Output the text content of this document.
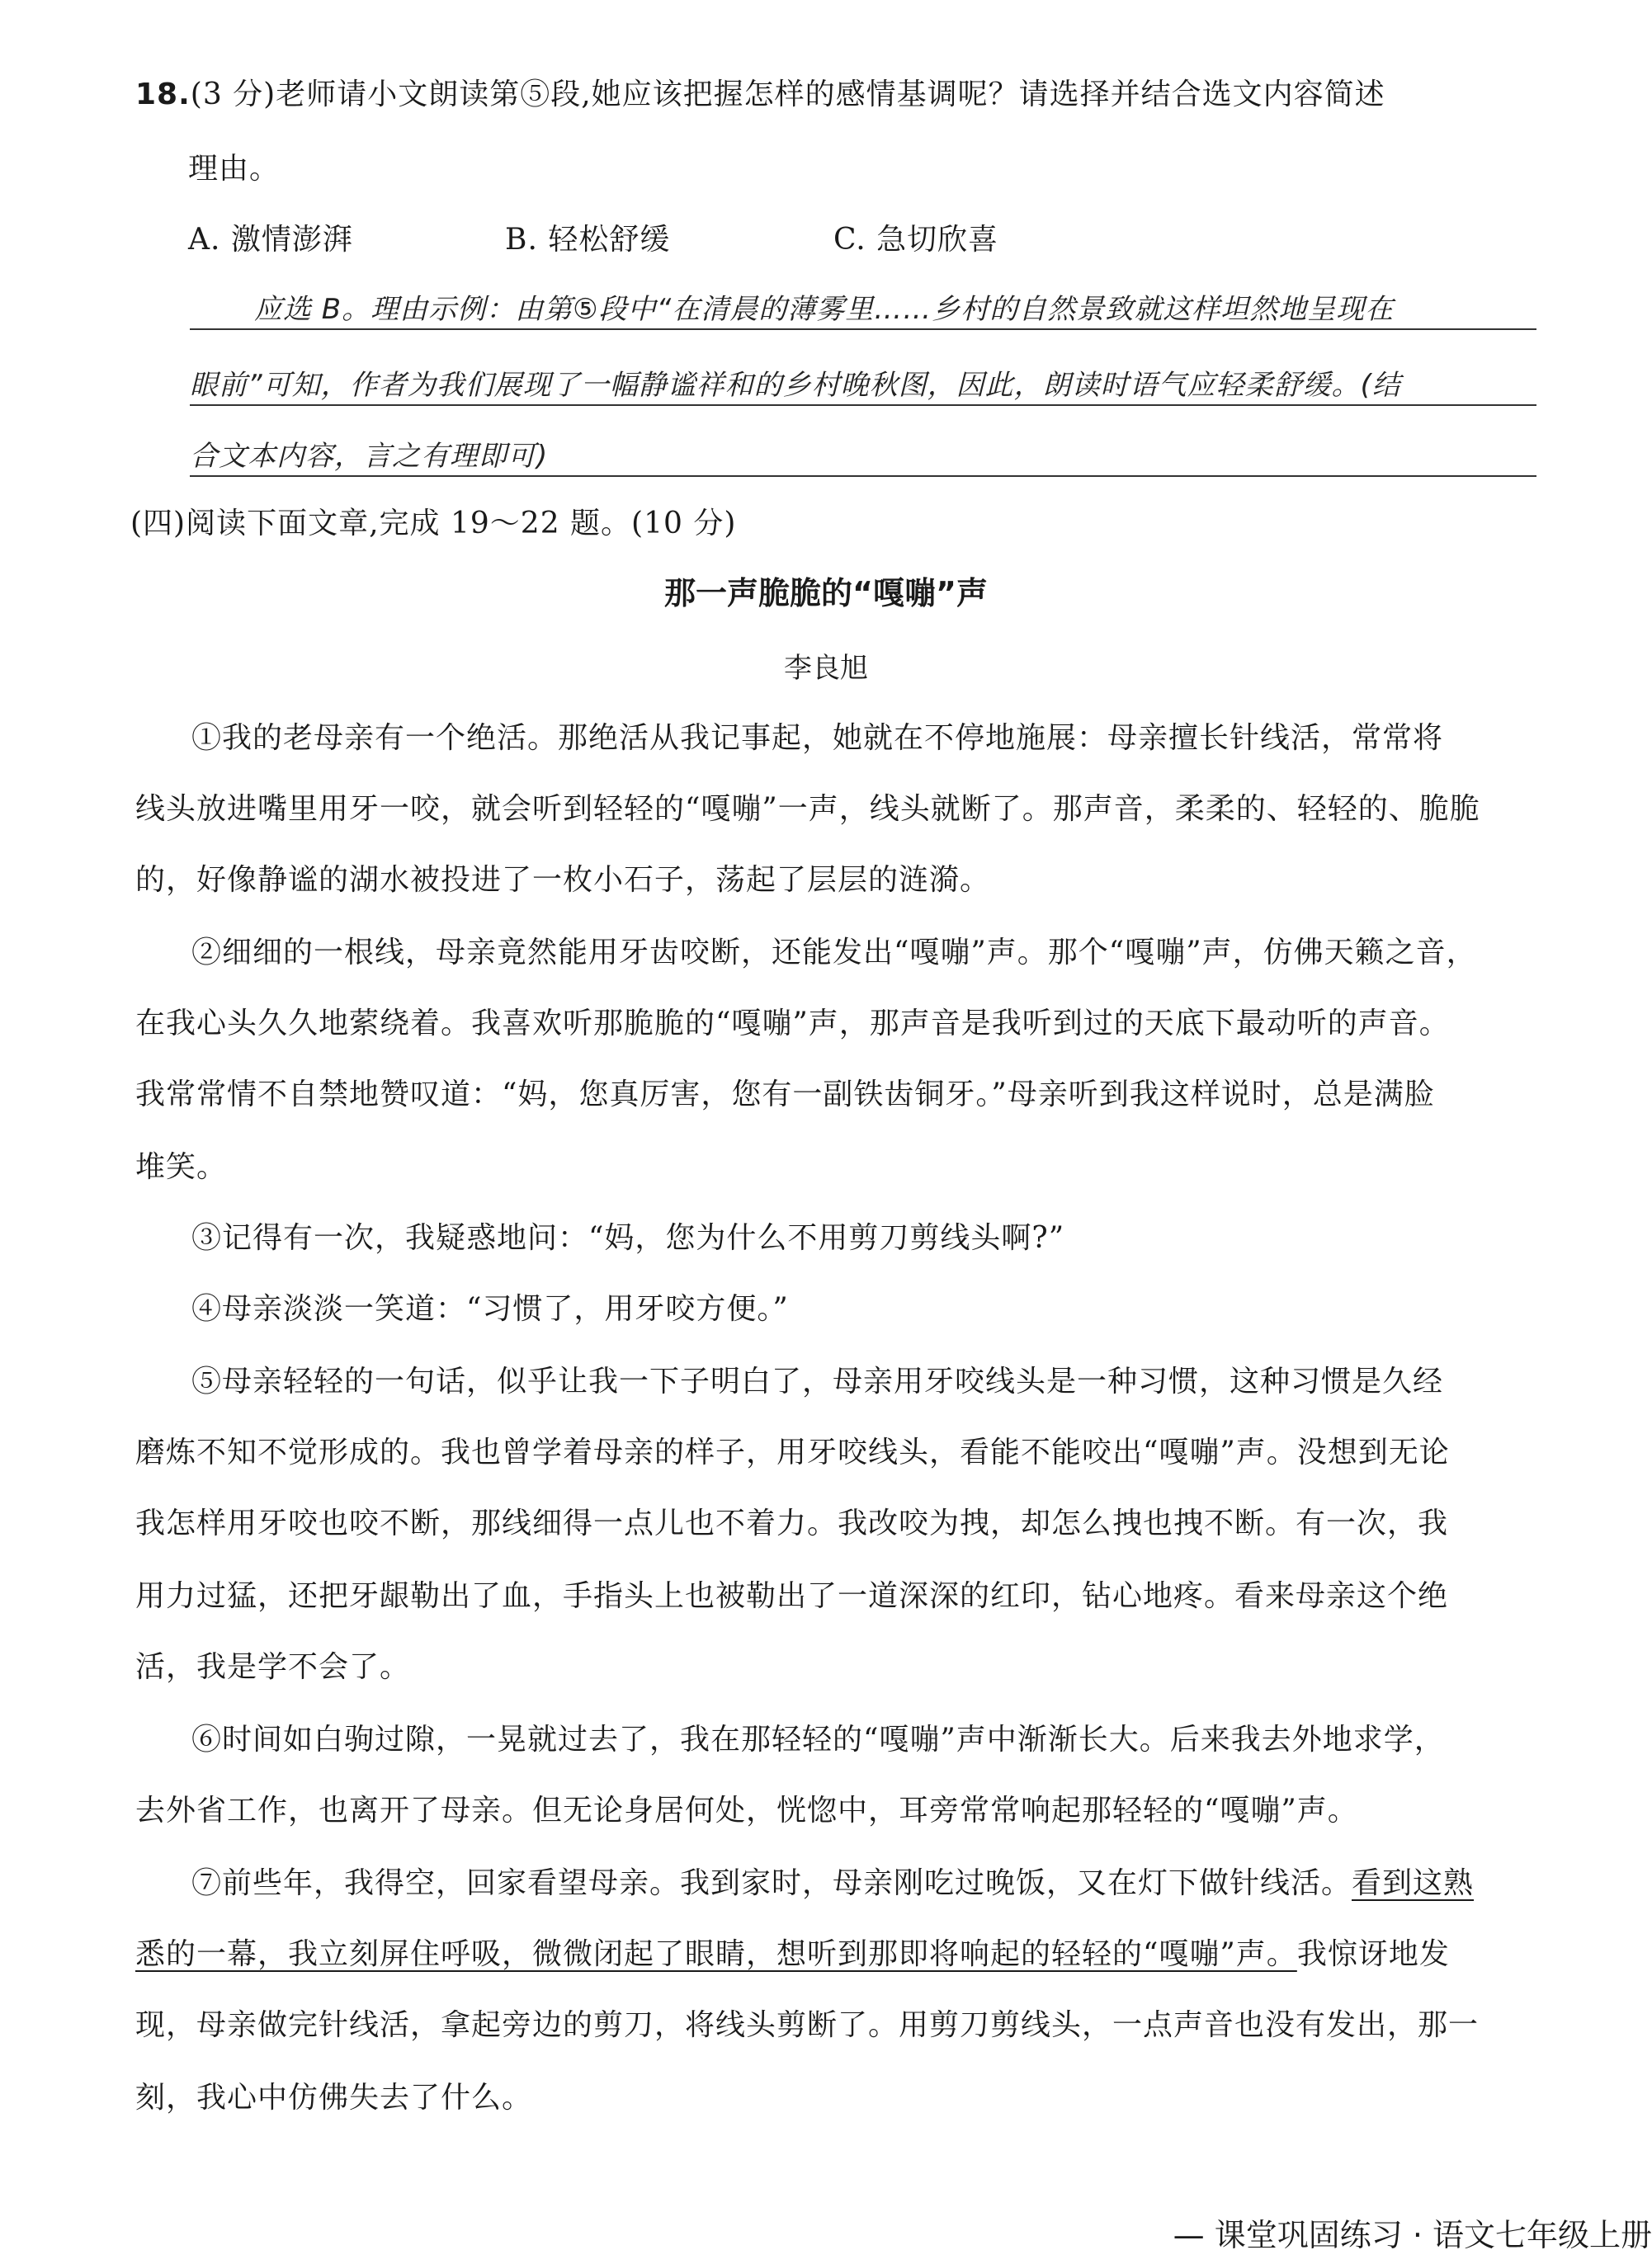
18.(3 分)老师请小文朗读第⑤段,她应该把握怎样的感情基调呢？请选择并结合选文内容简述
理由。
A. 激情澎湃	B. 轻松舒缓	C. 急切欣喜
应选 B。理由示例：由第⑤段中“在清晨的薄雾里……乡村的自然景致就这样坦然地呈现在
眼前”可知，作者为我们展现了一幅静谧祥和的乡村晚秋图，因此，朗读时语气应轻柔舒缓。(结
合文本内容，言之有理即可)
(四)阅读下面文章,完成 19～22 题。(10 分)
那一声脆脆的“嘎嘣”声
李良旭
①我的老母亲有一个绝活。那绝活从我记事起，她就在不停地施展：母亲擅长针线活，常常将
线头放进嘴里用牙一咬，就会听到轻轻的“嘎嘣”一声，线头就断了。那声音，柔柔的、轻轻的、脆脆
的，好像静谧的湖水被投进了一枚小石子，荡起了层层的涟漪。
②细细的一根线，母亲竟然能用牙齿咬断，还能发出“嘎嘣”声。那个“嘎嘣”声，仿佛天籁之音，
在我心头久久地萦绕着。我喜欢听那脆脆的“嘎嘣”声，那声音是我听到过的天底下最动听的声音。
我常常情不自禁地赞叹道：“妈，您真厉害，您有一副铁齿铜牙。”母亲听到我这样说时，总是满脸
堆笑。
③记得有一次，我疑惑地问：“妈，您为什么不用剪刀剪线头啊?”
④母亲淡淡一笑道：“习惯了，用牙咬方便。”
⑤母亲轻轻的一句话，似乎让我一下子明白了，母亲用牙咬线头是一种习惯，这种习惯是久经
磨炼不知不觉形成的。我也曾学着母亲的样子，用牙咬线头，看能不能咬出“嘎嘣”声。没想到无论
我怎样用牙咬也咬不断，那线细得一点儿也不着力。我改咬为拽，却怎么拽也拽不断。有一次，我
用力过猛，还把牙龈勒出了血，手指头上也被勒出了一道深深的红印，钻心地疼。看来母亲这个绝
活，我是学不会了。
⑥时间如白驹过隙，一晃就过去了，我在那轻轻的“嘎嘣”声中渐渐长大。后来我去外地求学，
去外省工作，也离开了母亲。但无论身居何处，恍惚中，耳旁常常响起那轻轻的“嘎嘣”声。
⑦前些年，我得空，回家看望母亲。我到家时，母亲刚吃过晚饭，又在灯下做针线活。看到这熟
悉的一幕，我立刻屏住呼吸，微微闭起了眼睛，想听到那即将响起的轻轻的“嘎嘣”声。我惊讶地发
现，母亲做完针线活，拿起旁边的剪刀，将线头剪断了。用剪刀剪线头，一点声音也没有发出，那一
刻，我心中仿佛失去了什么。
— 课堂巩固练习 · 语文七年级上册
